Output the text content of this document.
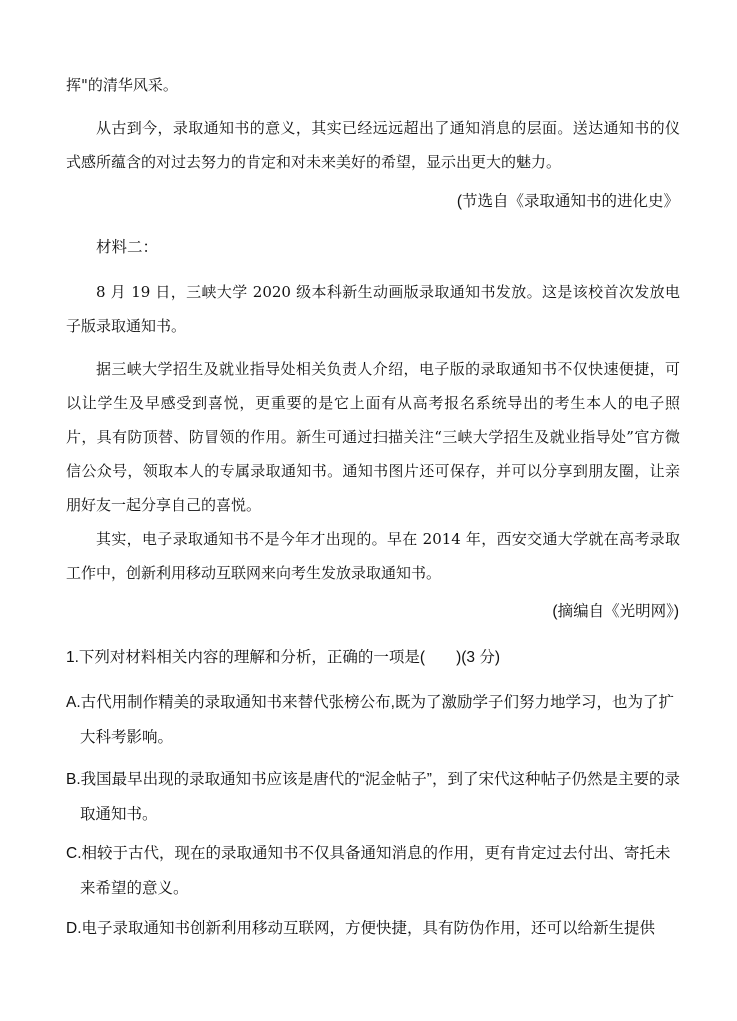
挥"的清华风采。

从古到今，录取通知书的意义，其实已经远远超出了通知消息的层面。送达通知书的仪式感所蕴含的对过去努力的肯定和对未来美好的希望，显示出更大的魅力。

(节选自《录取通知书的进化史》
材料二：

8 月 19 日，三峡大学 2020 级本科新生动画版录取通知书发放。这是该校首次发放电子版录取通知书。

据三峡大学招生及就业指导处相关负责人介绍，电子版的录取通知书不仅快速便捷，可以让学生及早感受到喜悦，更重要的是它上面有从高考报名系统导出的考生本人的电子照片，具有防顶替、防冒领的作用。新生可通过扫描关注“三峡大学招生及就业指导处”官方微信公众号，领取本人的专属录取通知书。通知书图片还可保存，并可以分享到朋友圈，让亲朋好友一起分享自己的喜悦。

其实，电子录取通知书不是今年才出现的。早在 2014 年，西安交通大学就在高考录取工作中，创新利用移动互联网来向考生发放录取通知书。

(摘编自《光明网》)

1.下列对材料相关内容的理解和分析，正确的一项是(　　)(3 分)

A.古代用制作精美的录取通知书来替代张榜公布,既为了激励学子们努力地学习，也为了扩大科考影响。

B.我国最早出现的录取通知书应该是唐代的“泥金帖子”，到了宋代这种帖子仍然是主要的录取通知书。

C.相较于古代，现在的录取通知书不仅具备通知消息的作用，更有肯定过去付出、寄托未来希望的意义。

D.电子录取通知书创新利用移动互联网，方便快捷，具有防伪作用，还可以给新生提供
